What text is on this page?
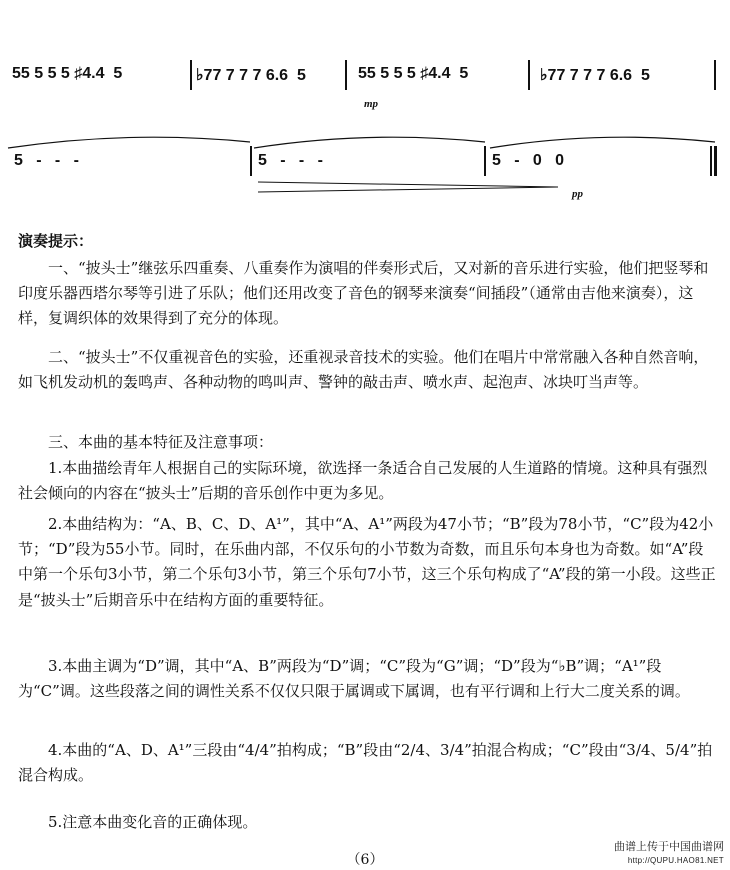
55 5 5 5 ♯4.4  5	♭77 7 7 7 6.6  5	55 5 5 5 ♯4.4  5	♭77 7 7 7 6.6  5
mp
5   -   -   -	5   -   -   -	5   -   0   0
pp
演奏提示：
一、“披头士”继弦乐四重奏、八重奏作为演唱的伴奏形式后，又对新的音乐进行实验，他们把竖琴和印度乐器西塔尔琴等引进了乐队；他们还用改变了音色的钢琴来演奏“间插段”（通常由吉他来演奏），这样，复调织体的效果得到了充分的体现。
二、“披头士”不仅重视音色的实验，还重视录音技术的实验。他们在唱片中常常融入各种自然音响，如飞机发动机的轰鸣声、各种动物的鸣叫声、警钟的敲击声、喷水声、起泡声、冰块叮当声等。
三、本曲的基本特征及注意事项：
1.本曲描绘青年人根据自己的实际环境，欲选择一条适合自己发展的人生道路的情境。这种具有强烈社会倾向的内容在“披头士”后期的音乐创作中更为多见。
2.本曲结构为：“A、B、C、D、A¹”，其中“A、A¹”两段为47小节；“B”段为78小节，“C”段为42小节；“D”段为55小节。同时，在乐曲内部，不仅乐句的小节数为奇数，而且乐句本身也为奇数。如“A”段中第一个乐句3小节，第二个乐句3小节，第三个乐句7小节，这三个乐句构成了“A”段的第一小段。这些正是“披头士”后期音乐中在结构方面的重要特征。
3.本曲主调为“D”调，其中“A、B”两段为“D”调；“C”段为“G”调；“D”段为“♭B”调；“A¹”段为“C”调。这些段落之间的调性关系不仅仅只限于属调或下属调，也有平行调和上行大二度关系的调。
4.本曲的“A、D、A¹”三段由“4/4”拍构成；“B”段由“2/4、3/4”拍混合构成；“C”段由“3/4、5/4”拍混合构成。
5.注意本曲变化音的正确体现。
（6）
曲谱上传于中国曲谱网
http://QUPU.HAO81.NET
